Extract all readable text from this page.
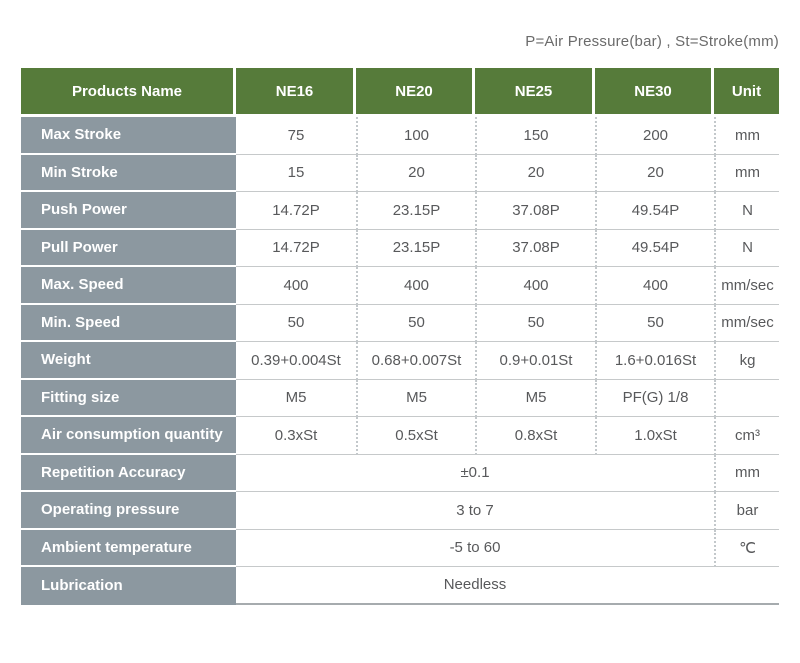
P=Air Pressure(bar) , St=Stroke(mm)
Products Name	NE16	NE20	NE25	NE30	Unit
Max Stroke	75	100	150	200	mm
Min Stroke	15	20	20	20	mm
Push Power	14.72P	23.15P	37.08P	49.54P	N
Pull Power	14.72P	23.15P	37.08P	49.54P	N
Max. Speed	400	400	400	400	mm/sec
Min. Speed	50	50	50	50	mm/sec
Weight	0.39+0.004St	0.68+0.007St	0.9+0.01St	1.6+0.016St	kg
Fitting size	M5	M5	M5	PF(G) 1/8
Air consumption quantity	0.3xSt	0.5xSt	0.8xSt	1.0xSt	cm³
Repetition Accuracy	±0.1	mm
Operating pressure	3 to 7	bar
Ambient temperature	-5 to 60	℃
Lubrication	Needless
